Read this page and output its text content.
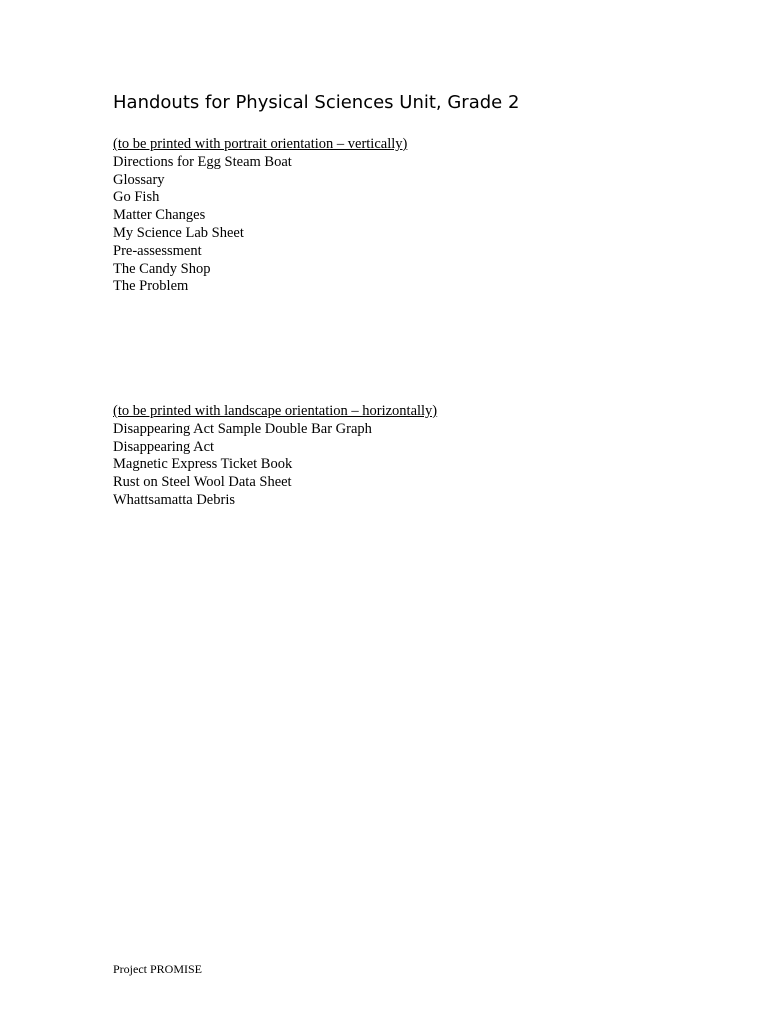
Handouts for Physical Sciences Unit, Grade 2
(to be printed with portrait orientation – vertically)
Directions for Egg Steam Boat
Glossary
Go Fish
Matter Changes
My Science Lab Sheet
Pre-assessment
The Candy Shop
The Problem
(to be printed with landscape orientation – horizontally)
Disappearing Act Sample Double Bar Graph
Disappearing Act
Magnetic Express Ticket Book
Rust on Steel Wool Data Sheet
Whattsamatta Debris
Project PROMISE
